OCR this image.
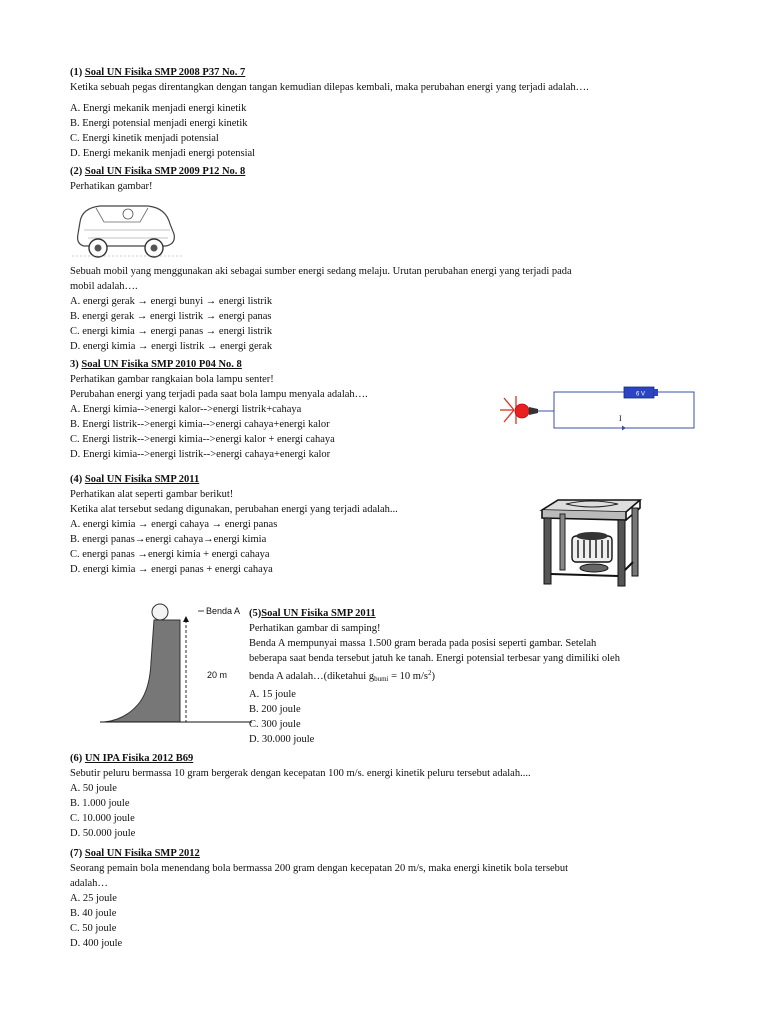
(1) Soal UN Fisika SMP 2008 P37 No. 7
Ketika sebuah pegas direntangkan dengan tangan kemudian dilepas kembali, maka perubahan energi yang terjadi adalah….
A. Energi mekanik menjadi energi kinetik
B. Energi potensial menjadi energi kinetik
C. Energi kinetik menjadi potensial
D. Energi mekanik menjadi energi potensial
(2) Soal UN Fisika SMP 2009 P12 No. 8
Perhatikan gambar!
Sebuah mobil yang menggunakan aki sebagai sumber energi sedang melaju. Urutan perubahan energi yang terjadi pada
mobil adalah….
A. energi gerak → energi bunyi → energi listrik
B. energi gerak → energi listrik → energi panas
C. energi kimia → energi panas → energi listrik
D. energi kimia → energi listrik → energi gerak
3) Soal UN Fisika SMP 2010 P04 No. 8
Perhatikan gambar rangkaian bola lampu senter!
Perubahan energi yang terjadi pada saat bola lampu menyala adalah….
A. Energi kimia-->energi kalor-->energi listrik+cahaya
B. Energi listrik-->energi kimia-->energi cahaya+energi kalor
C. Energi listrik-->energi kimia-->energi kalor + energi cahaya
D. Energi kimia-->energi listrik-->energi cahaya+energi kalor
(4) Soal UN Fisika SMP 2011
Perhatikan alat seperti gambar berikut!
Ketika alat tersebut sedang digunakan, perubahan energi yang terjadi adalah...
A. energi kimia → energi cahaya → energi panas
B. energi panas→energi cahaya→energi kimia
C. energi panas →energi kimia + energi cahaya
D. energi kimia → energi panas + energi cahaya
6 V
I
Benda A
20 m
(5)Soal UN Fisika SMP 2011
Perhatikan gambar di samping!
Benda A mempunyai massa 1.500 gram berada pada posisi seperti gambar. Setelah
beberapa saat benda tersebut jatuh ke tanah. Energi potensial terbesar yang dimiliki oleh
benda A adalah…(diketahui $g_{bumi} = 10$ $m/s^2$)
A. 15 joule
B. 200 joule
C. 300 joule
D. 30.000 joule
(6) UN IPA Fisika 2012 B69
Sebutir peluru bermassa 10 gram bergerak dengan kecepatan 100 m/s. energi kinetik peluru tersebut adalah....
A. 50 joule
B. 1.000 joule
C. 10.000 joule
D. 50.000 joule
(7) Soal UN Fisika SMP 2012
Seorang pemain bola menendang bola bermassa 200 gram dengan kecepatan 20 m/s, maka energi kinetik bola tersebut
adalah…
A. 25 joule
B. 40 joule
C. 50 joule
D. 400 joule
